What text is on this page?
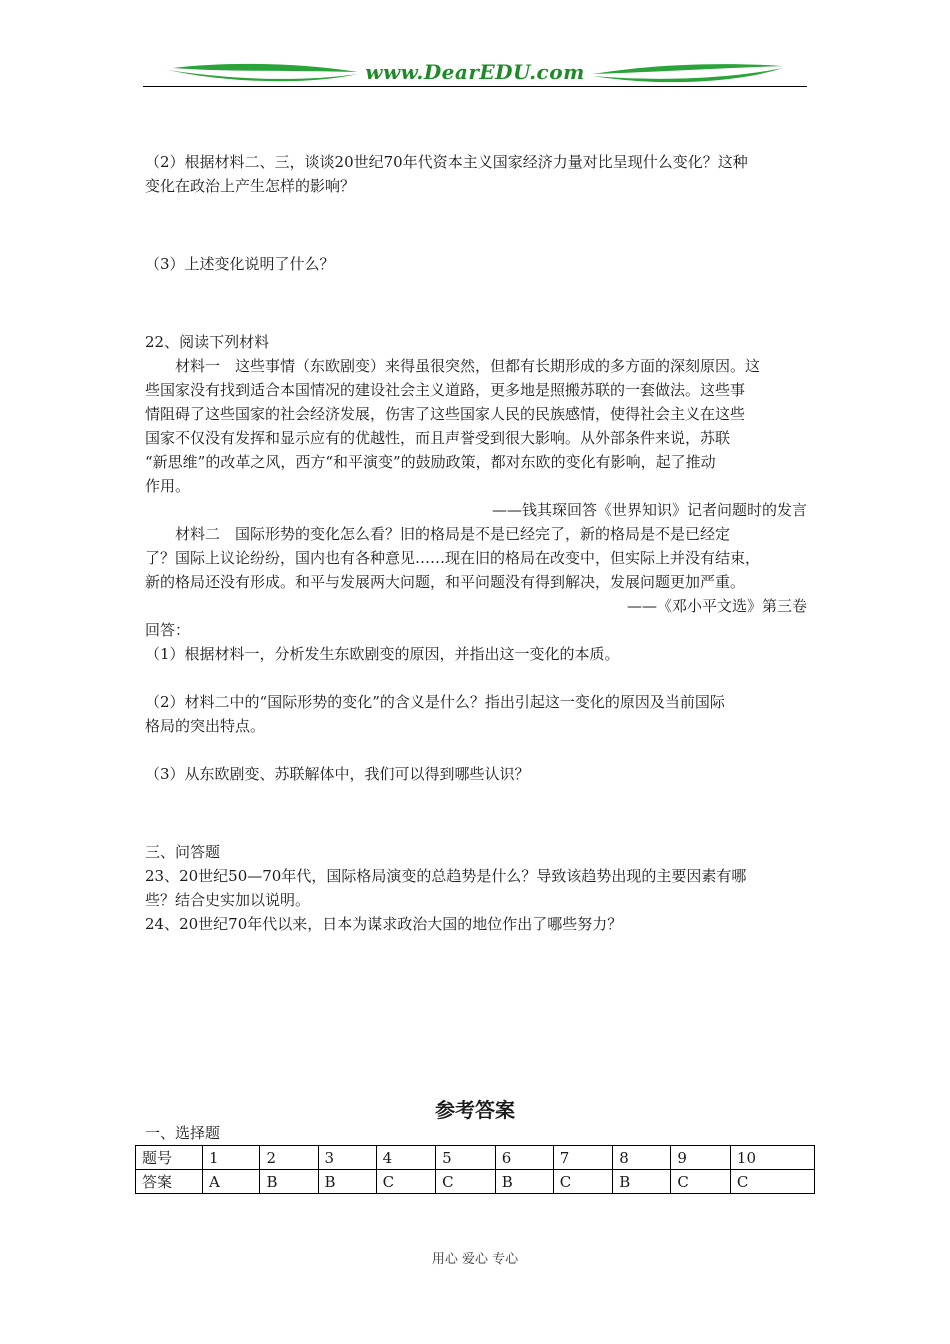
www.DearEDU.com

（2）根据材料二、三，谈谈20世纪70年代资本主义国家经济力量对比呈现什么变化？这种

变化在政治上产生怎样的影响？

（3）上述变化说明了什么？

22、阅读下列材料

材料一　这些事情（东欧剧变）来得虽很突然，但都有长期形成的多方面的深刻原因。这

些国家没有找到适合本国情况的建设社会主义道路，更多地是照搬苏联的一套做法。这些事

情阻碍了这些国家的社会经济发展，伤害了这些国家人民的民族感情，使得社会主义在这些

国家不仅没有发挥和显示应有的优越性，而且声誉受到很大影响。从外部条件来说，苏联

“新思维”的改革之风，西方“和平演变”的鼓励政策，都对东欧的变化有影响，起了推动

作用。

——钱其琛回答《世界知识》记者问题时的发言

材料二　国际形势的变化怎么看？旧的格局是不是已经完了，新的格局是不是已经定

了？国际上议论纷纷，国内也有各种意见……现在旧的格局在改变中，但实际上并没有结束，

新的格局还没有形成。和平与发展两大问题，和平问题没有得到解决，发展问题更加严重。

——《邓小平文选》第三卷

回答：

（1）根据材料一，分析发生东欧剧变的原因，并指出这一变化的本质。

（2）材料二中的“国际形势的变化”的含义是什么？指出引起这一变化的原因及当前国际

格局的突出特点。

（3）从东欧剧变、苏联解体中，我们可以得到哪些认识？

三、问答题

23、20世纪50—70年代，国际格局演变的总趋势是什么？导致该趋势出现的主要因素有哪

些？结合史实加以说明。

24、20世纪70年代以来，日本为谋求政治大国的地位作出了哪些努力？

参考答案
一、选择题
题号	1	2	3	4	5	6	7	8	9	10
答案	A	B	B	C	C	B	C	B	C	C
用心 爱心 专心
